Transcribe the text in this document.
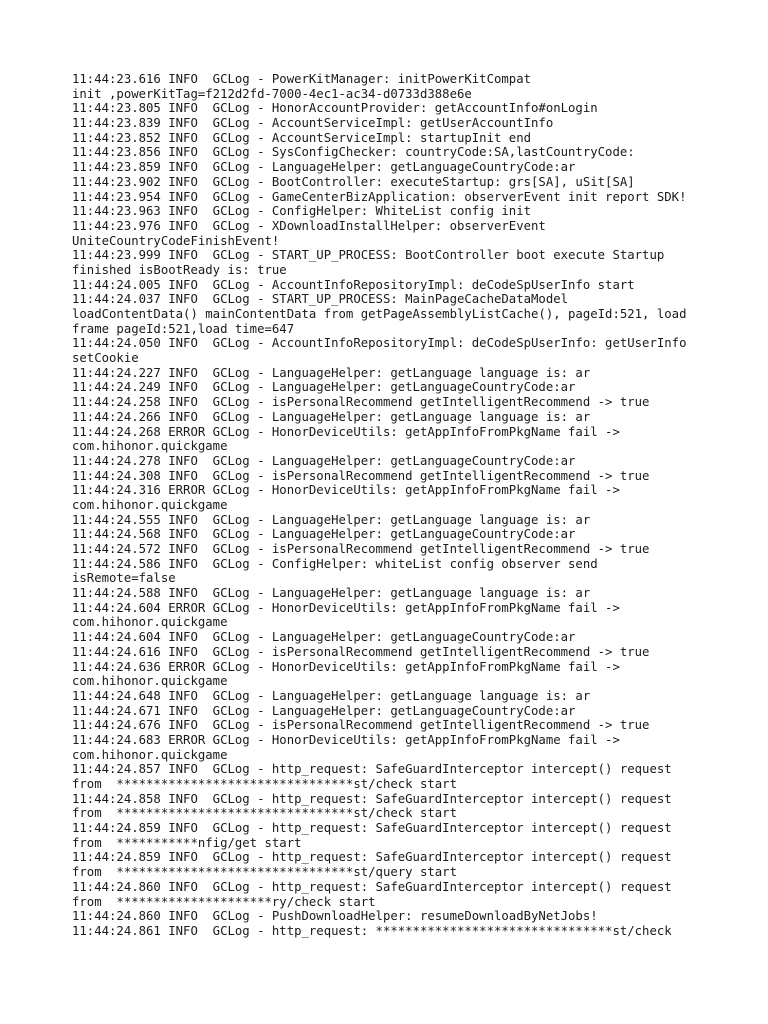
11:44:23.616 INFO  GCLog - PowerKitManager: initPowerKitCompat
init ,powerKitTag=f212d2fd-7000-4ec1-ac34-d0733d388e6e
11:44:23.805 INFO  GCLog - HonorAccountProvider: getAccountInfo#onLogin
11:44:23.839 INFO  GCLog - AccountServiceImpl: getUserAccountInfo
11:44:23.852 INFO  GCLog - AccountServiceImpl: startupInit end
11:44:23.856 INFO  GCLog - SysConfigChecker: countryCode:SA,lastCountryCode:
11:44:23.859 INFO  GCLog - LanguageHelper: getLanguageCountryCode:ar
11:44:23.902 INFO  GCLog - BootController: executeStartup: grs[SA], uSit[SA]
11:44:23.954 INFO  GCLog - GameCenterBizApplication: observerEvent init report SDK!
11:44:23.963 INFO  GCLog - ConfigHelper: WhiteList config init
11:44:23.976 INFO  GCLog - XDownloadInstallHelper: observerEvent
UniteCountryCodeFinishEvent!
11:44:23.999 INFO  GCLog - START_UP_PROCESS: BootController boot execute Startup
finished isBootReady is: true
11:44:24.005 INFO  GCLog - AccountInfoRepositoryImpl: deCodeSpUserInfo start
11:44:24.037 INFO  GCLog - START_UP_PROCESS: MainPageCacheDataModel
loadContentData() mainContentData from getPageAssemblyListCache(), pageId:521, load
frame pageId:521,load time=647
11:44:24.050 INFO  GCLog - AccountInfoRepositoryImpl: deCodeSpUserInfo: getUserInfo
setCookie
11:44:24.227 INFO  GCLog - LanguageHelper: getLanguage language is: ar
11:44:24.249 INFO  GCLog - LanguageHelper: getLanguageCountryCode:ar
11:44:24.258 INFO  GCLog - isPersonalRecommend getIntelligentRecommend -> true
11:44:24.266 INFO  GCLog - LanguageHelper: getLanguage language is: ar
11:44:24.268 ERROR GCLog - HonorDeviceUtils: getAppInfoFromPkgName fail ->
com.hihonor.quickgame
11:44:24.278 INFO  GCLog - LanguageHelper: getLanguageCountryCode:ar
11:44:24.308 INFO  GCLog - isPersonalRecommend getIntelligentRecommend -> true
11:44:24.316 ERROR GCLog - HonorDeviceUtils: getAppInfoFromPkgName fail ->
com.hihonor.quickgame
11:44:24.555 INFO  GCLog - LanguageHelper: getLanguage language is: ar
11:44:24.568 INFO  GCLog - LanguageHelper: getLanguageCountryCode:ar
11:44:24.572 INFO  GCLog - isPersonalRecommend getIntelligentRecommend -> true
11:44:24.586 INFO  GCLog - ConfigHelper: whiteList config observer send
isRemote=false
11:44:24.588 INFO  GCLog - LanguageHelper: getLanguage language is: ar
11:44:24.604 ERROR GCLog - HonorDeviceUtils: getAppInfoFromPkgName fail ->
com.hihonor.quickgame
11:44:24.604 INFO  GCLog - LanguageHelper: getLanguageCountryCode:ar
11:44:24.616 INFO  GCLog - isPersonalRecommend getIntelligentRecommend -> true
11:44:24.636 ERROR GCLog - HonorDeviceUtils: getAppInfoFromPkgName fail ->
com.hihonor.quickgame
11:44:24.648 INFO  GCLog - LanguageHelper: getLanguage language is: ar
11:44:24.671 INFO  GCLog - LanguageHelper: getLanguageCountryCode:ar
11:44:24.676 INFO  GCLog - isPersonalRecommend getIntelligentRecommend -> true
11:44:24.683 ERROR GCLog - HonorDeviceUtils: getAppInfoFromPkgName fail ->
com.hihonor.quickgame
11:44:24.857 INFO  GCLog - http_request: SafeGuardInterceptor intercept() request
from  ********************************st/check start
11:44:24.858 INFO  GCLog - http_request: SafeGuardInterceptor intercept() request
from  ********************************st/check start
11:44:24.859 INFO  GCLog - http_request: SafeGuardInterceptor intercept() request
from  ***********nfig/get start
11:44:24.859 INFO  GCLog - http_request: SafeGuardInterceptor intercept() request
from  ********************************st/query start
11:44:24.860 INFO  GCLog - http_request: SafeGuardInterceptor intercept() request
from  *********************ry/check start
11:44:24.860 INFO  GCLog - PushDownloadHelper: resumeDownloadByNetJobs!
11:44:24.861 INFO  GCLog - http_request: ********************************st/check
